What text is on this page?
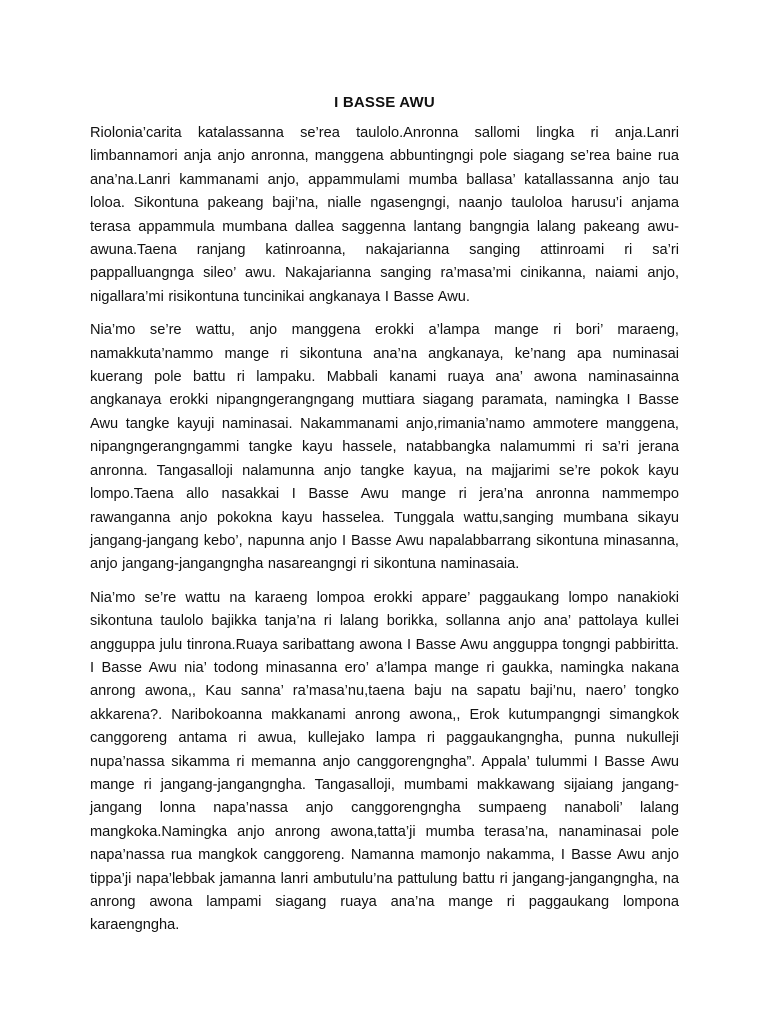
I BASSE AWU

Riolonia’carita katalassanna se’rea taulolo.Anronna sallomi lingka ri anja.Lanri limbannamori anja anjo anronna, manggena abbuntingngi pole siagang se’rea baine rua ana’na.Lanri kammanami anjo, appammulami mumba ballasa’ katallassanna anjo tau loloa. Sikontuna pakeang baji’na, nialle ngasengngi, naanjo tauloloa harusu’i anjama terasa appammula mumbana dallea saggenna lantang bangngia lalang pakeang awu-awuna.Taena ranjang katinroanna, nakajarianna sanging attinroami ri sa’ri pappalluangnga sileo’ awu. Nakajarianna sanging ra’masa’mi cinikanna, naiami anjo, nigallara’mi risikontuna tuncinikai angkanaya I Basse Awu.

Nia’mo se’re wattu, anjo manggena erokki a’lampa mange ri bori’ maraeng, namakkuta’nammo mange ri sikontuna ana’na angkanaya, ke’nang apa numinasai kuerang pole battu ri lampaku. Mabbali kanami ruaya ana’ awona naminasainna angkanaya erokki nipangngerangngang muttiara siagang paramata, namingka I Basse Awu tangke kayuji naminasai. Nakammanami anjo,rimania’namo ammotere manggena, nipangngerangngammi tangke kayu hassele, natabbangka nalamummi ri sa’ri jerana anronna. Tangasalloji nalamunna anjo tangke kayua, na majjarimi se’re pokok kayu lompo.Taena allo nasakkai I Basse Awu mange ri jera’na anronna nammempo rawanganna anjo pokokna kayu hasselea. Tunggala wattu,sanging mumbana sikayu jangang-jangang kebo’, napunna anjo I Basse Awu napalabbarrang sikontuna minasanna, anjo jangang-jangangngha nasareangngi ri sikontuna naminasaia.

Nia’mo se’re wattu na karaeng lompoa erokki appare’ paggaukang lompo nanakioki sikontuna taulolo bajikka tanja’na ri lalang borikka, sollanna anjo ana’ pattolaya kullei angguppa julu tinrona.Ruaya saribattang awona I Basse Awu angguppa tongngi pabbiritta. I Basse Awu nia’ todong minasanna ero’ a’lampa mange ri gaukka, namingka nakana anrong awona,, Kau sanna’ ra’masa’nu,taena baju na sapatu baji’nu, naero’ tongko akkarena?. Naribokoanna makkanami anrong awona,, Erok kutumpangngi simangkok canggoreng antama ri awua, kullejako lampa ri paggaukangngha, punna nukulleji nupa’nassa sikamma ri memanna anjo canggorengngha”. Appala’ tulummi I Basse Awu mange ri jangang-jangangngha. Tangasalloji, mumbami makkawang sijaiang jangang-jangang lonna napa’nassa anjo canggorengngha sumpaeng nanaboli’ lalang mangkoka.Namingka anjo anrong awona,tatta’ji mumba terasa’na, nanaminasai pole napa’nassa rua mangkok canggoreng. Namanna mamonjo nakamma, I Basse Awu anjo tippa’ji napa’lebbak jamanna lanri ambutulu’na pattulung battu ri jangang-jangangngha, na anrong awona lampami siagang ruaya ana’na mange ri paggaukang lompona karaengngha.
